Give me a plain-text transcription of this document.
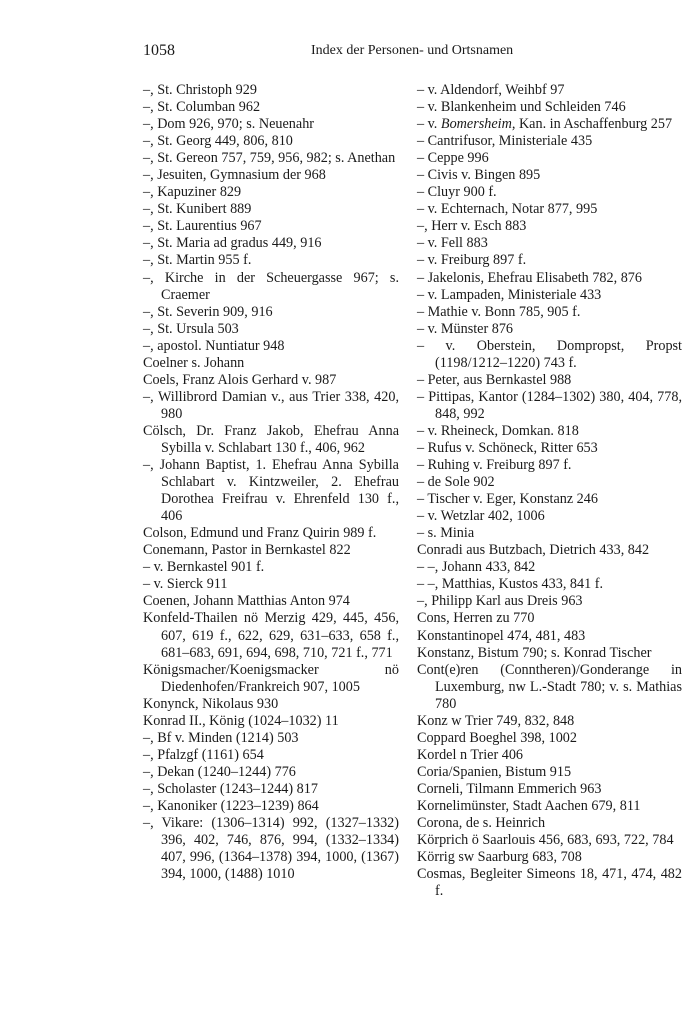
1058	Index der Personen- und Ortsnamen
–, St. Christoph 929
–, St. Columban 962
–, Dom 926, 970; s. Neuenahr
–, St. Georg 449, 806, 810
–, St. Gereon 757, 759, 956, 982; s. Anethan
–, Jesuiten, Gymnasium der 968
–, Kapuziner 829
–, St. Kunibert 889
–, St. Laurentius 967
–, St. Maria ad gradus 449, 916
–, St. Martin 955 f.
–, Kirche in der Scheuergasse 967; s. Craemer
–, St. Severin 909, 916
–, St. Ursula 503
–, apostol. Nuntiatur 948
Coelner s. Johann
Coels, Franz Alois Gerhard v. 987
–, Willibrord Damian v., aus Trier 338, 420, 980
Cölsch, Dr. Franz Jakob, Ehefrau Anna Sybilla v. Schlabart 130 f., 406, 962
–, Johann Baptist, 1. Ehefrau Anna Sybilla Schlabart v. Kintzweiler, 2. Ehefrau Dorothea Freifrau v. Ehrenfeld 130 f., 406
Colson, Edmund und Franz Quirin 989 f.
Conemann, Pastor in Bernkastel 822
– v. Bernkastel 901 f.
– v. Sierck 911
Coenen, Johann Matthias Anton 974
Konfeld-Thailen nö Merzig 429, 445, 456, 607, 619 f., 622, 629, 631–633, 658 f., 681–683, 691, 694, 698, 710, 721 f., 771
Königsmacher/Koenigsmacker nö Diedenhofen/Frankreich 907, 1005
Konynck, Nikolaus 930
Konrad II., König (1024–1032) 11
–, Bf v. Minden (1214) 503
–, Pfalzgf (1161) 654
–, Dekan (1240–1244) 776
–, Scholaster (1243–1244) 817
–, Kanoniker (1223–1239) 864
–, Vikare: (1306–1314) 992, (1327–1332) 396, 402, 746, 876, 994, (1332–1334) 407, 996, (1364–1378) 394, 1000, (1367) 394, 1000, (1488) 1010
– v. Aldendorf, Weihbf 97
– v. Blankenheim und Schleiden 746
– v. Bomersheim, Kan. in Aschaffenburg 257
– Cantrifusor, Ministeriale 435
– Ceppe 996
– Civis v. Bingen 895
– Cluyr 900 f.
– v. Echternach, Notar 877, 995
–, Herr v. Esch 883
– v. Fell 883
– v. Freiburg 897 f.
– Jakelonis, Ehefrau Elisabeth 782, 876
– v. Lampaden, Ministeriale 433
– Mathie v. Bonn 785, 905 f.
– v. Münster 876
– v. Oberstein, Dompropst, Propst (1198/1212–1220) 743 f.
– Peter, aus Bernkastel 988
– Pittipas, Kantor (1284–1302) 380, 404, 778, 848, 992
– v. Rheineck, Domkan. 818
– Rufus v. Schöneck, Ritter 653
– Ruhing v. Freiburg 897 f.
– de Sole 902
– Tischer v. Eger, Konstanz 246
– v. Wetzlar 402, 1006
– s. Minia
Conradi aus Butzbach, Dietrich 433, 842
– –, Johann 433, 842
– –, Matthias, Kustos 433, 841 f.
–, Philipp Karl aus Dreis 963
Cons, Herren zu 770
Konstantinopel 474, 481, 483
Konstanz, Bistum 790; s. Konrad Tischer
Cont(e)ren (Conntheren)/Gonderange in Luxemburg, nw L.-Stadt 780; v. s. Mathias 780
Konz w Trier 749, 832, 848
Coppard Boeghel 398, 1002
Kordel n Trier 406
Coria/Spanien, Bistum 915
Corneli, Tilmann Emmerich 963
Kornelimünster, Stadt Aachen 679, 811
Corona, de s. Heinrich
Körprich ö Saarlouis 456, 683, 693, 722, 784
Körrig sw Saarburg 683, 708
Cosmas, Begleiter Simeons 18, 471, 474, 482 f.
